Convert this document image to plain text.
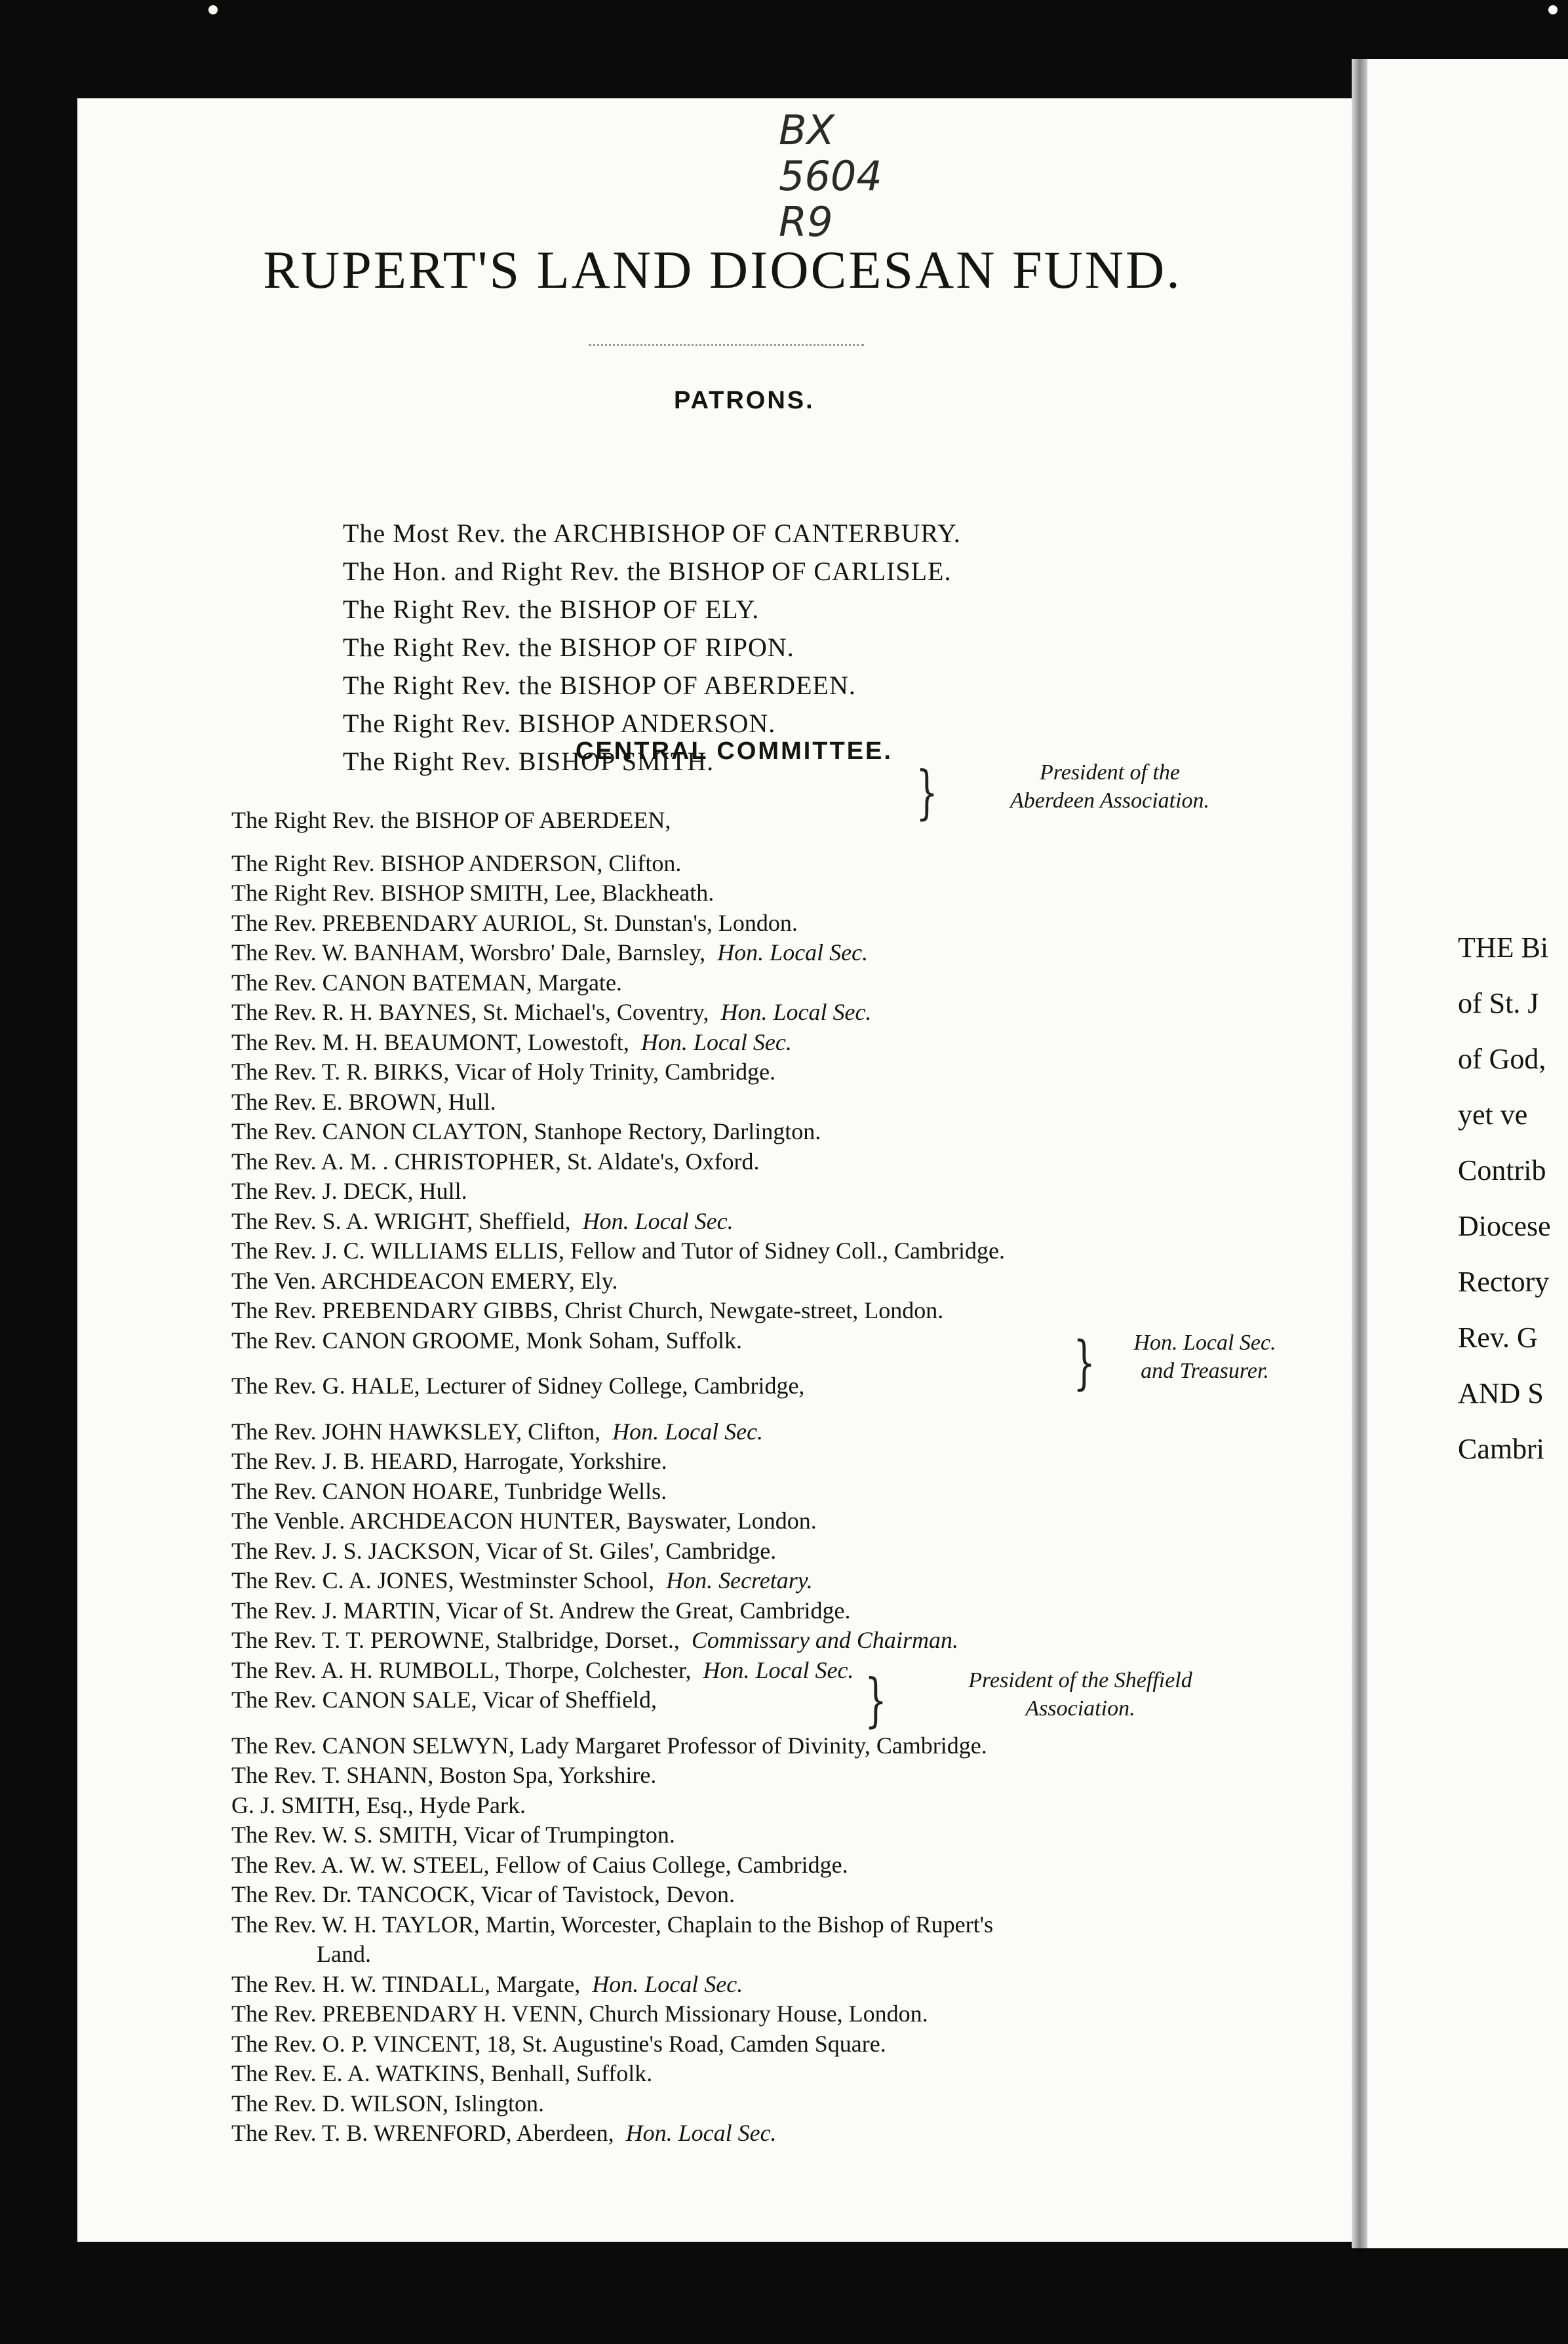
BX
5604
R9
RUPERT'S LAND DIOCESAN FUND.
PATRONS.
The Most Rev. the ARCHBISHOP OF CANTERBURY.
The Hon. and Right Rev. the BISHOP OF CARLISLE.
The Right Rev. the BISHOP OF ELY.
The Right Rev. the BISHOP OF RIPON.
The Right Rev. the BISHOP OF ABERDEEN.
The Right Rev. BISHOP ANDERSON.
The Right Rev. BISHOP SMITH.
CENTRAL COMMITTEE.
The Right Rev. the BISHOP OF ABERDEEN,
The Right Rev. BISHOP ANDERSON, Clifton.
The Right Rev. BISHOP SMITH, Lee, Blackheath.
The Rev. PREBENDARY AURIOL, St. Dunstan's, London.
The Rev. W. BANHAM, Worsbro' Dale, Barnsley, Hon. Local Sec.
The Rev. CANON BATEMAN, Margate.
The Rev. R. H. BAYNES, St. Michael's, Coventry, Hon. Local Sec.
The Rev. M. H. BEAUMONT, Lowestoft, Hon. Local Sec.
The Rev. T. R. BIRKS, Vicar of Holy Trinity, Cambridge.
The Rev. E. BROWN, Hull.
The Rev. CANON CLAYTON, Stanhope Rectory, Darlington.
The Rev. A. M. . CHRISTOPHER, St. Aldate's, Oxford.
The Rev. J. DECK, Hull.
The Rev. S. A. WRIGHT, Sheffield, Hon. Local Sec.
The Rev. J. C. WILLIAMS ELLIS, Fellow and Tutor of Sidney Coll., Cambridge.
The Ven. ARCHDEACON EMERY, Ely.
The Rev. PREBENDARY GIBBS, Christ Church, Newgate-street, London.
The Rev. CANON GROOME, Monk Soham, Suffolk.
The Rev. G. HALE, Lecturer of Sidney College, Cambridge,
The Rev. JOHN HAWKSLEY, Clifton, Hon. Local Sec.
The Rev. J. B. HEARD, Harrogate, Yorkshire.
The Rev. CANON HOARE, Tunbridge Wells.
The Venble. ARCHDEACON HUNTER, Bayswater, London.
The Rev. J. S. JACKSON, Vicar of St. Giles', Cambridge.
The Rev. C. A. JONES, Westminster School, Hon. Secretary.
The Rev. J. MARTIN, Vicar of St. Andrew the Great, Cambridge.
The Rev. T. T. PEROWNE, Stalbridge, Dorset., Commissary and Chairman.
The Rev. A. H. RUMBOLL, Thorpe, Colchester, Hon. Local Sec.
The Rev. CANON SALE, Vicar of Sheffield,
The Rev. CANON SELWYN, Lady Margaret Professor of Divinity, Cambridge.
The Rev. T. SHANN, Boston Spa, Yorkshire.
G. J. SMITH, Esq., Hyde Park.
The Rev. W. S. SMITH, Vicar of Trumpington.
The Rev. A. W. W. STEEL, Fellow of Caius College, Cambridge.
The Rev. Dr. TANCOCK, Vicar of Tavistock, Devon.
The Rev. W. H. TAYLOR, Martin, Worcester, Chaplain to the Bishop of Rupert's
Land.
The Rev. H. W. TINDALL, Margate, Hon. Local Sec.
The Rev. PREBENDARY H. VENN, Church Missionary House, London.
The Rev. O. P. VINCENT, 18, St. Augustine's Road, Camden Square.
The Rev. E. A. WATKINS, Benhall, Suffolk.
The Rev. D. WILSON, Islington.
The Rev. T. B. WRENFORD, Aberdeen, Hon. Local Sec.
}	President of the
Aberdeen Association.
}	Hon. Local Sec.
and Treasurer.
}	President of the Sheffield
Association.
THE Bi
of St. J
of God,
yet ve
Contrib
Diocese
Rectory
Rev. G
AND S
Cambri
